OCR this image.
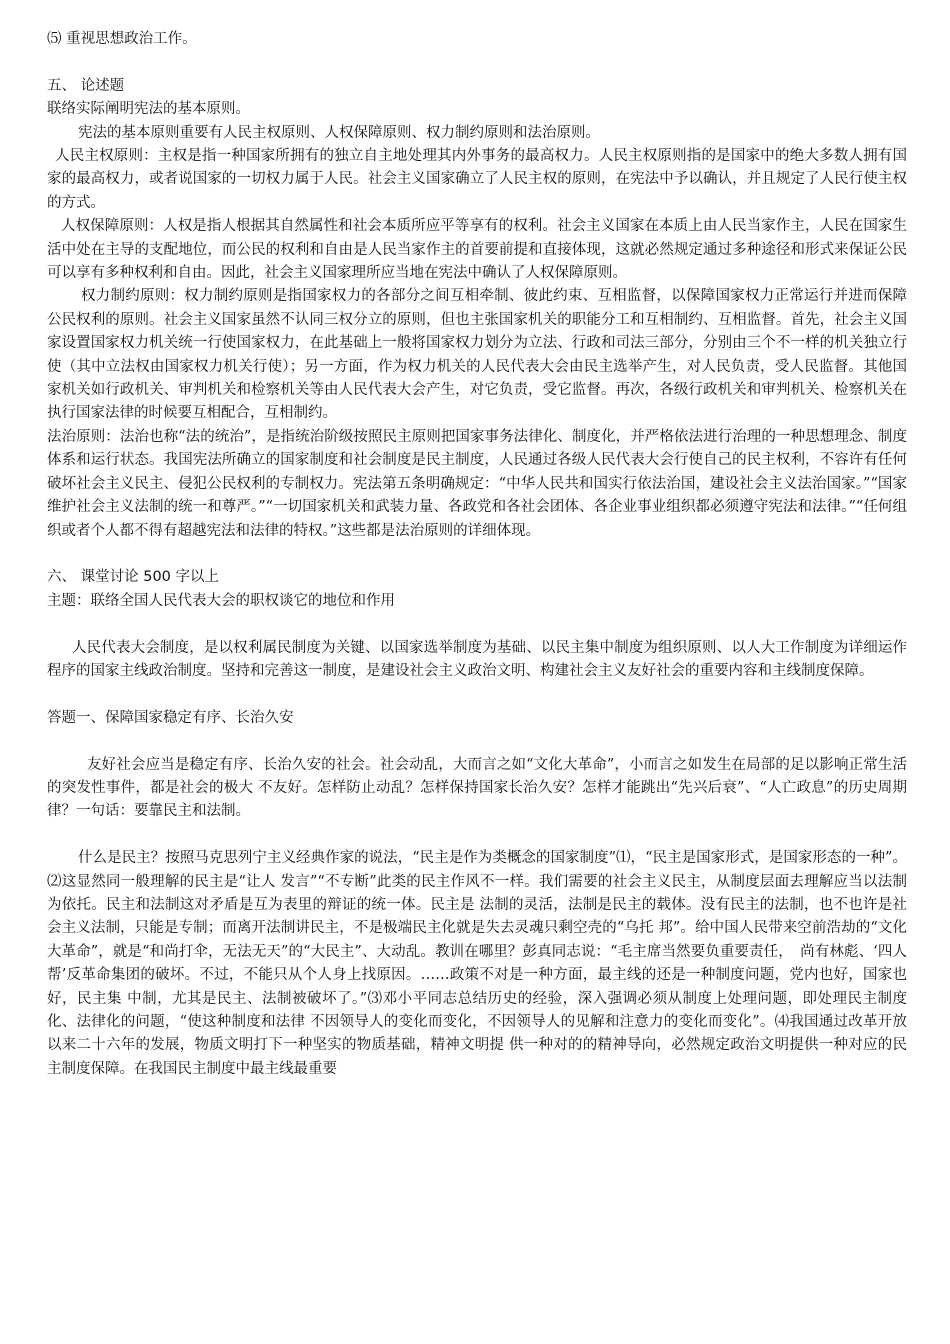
⑸ 重视思想政治工作。

五、 论述题

联络实际阐明宪法的基本原则。

宪法的基本原则重要有人民主权原则、人权保障原则、权力制约原则和法治原则。

人民主权原则：主权是指一种国家所拥有的独立自主地处理其内外事务的最高权力。人民主权原则指的是国家中的绝大多数人拥有国家的最高权力，或者说国家的一切权力属于人民。社会主义国家确立了人民主权的原则，在宪法中予以确认，并且规定了人民行使主权的方式。

人权保障原则：人权是指人根据其自然属性和社会本质所应平等享有的权利。社会主义国家在本质上由人民当家作主，人民在国家生活中处在主导的支配地位，而公民的权利和自由是人民当家作主的首要前提和直接体现，这就必然规定通过多种途径和形式来保证公民可以享有多种权利和自由。因此，社会主义国家理所应当地在宪法中确认了人权保障原则。

权力制约原则：权力制约原则是指国家权力的各部分之间互相牵制、彼此约束、互相监督，以保障国家权力正常运行并进而保障公民权利的原则。社会主义国家虽然不认同三权分立的原则，但也主张国家机关的职能分工和互相制约、互相监督。首先，社会主义国家设置国家权力机关统一行使国家权力，在此基础上一般将国家权力划分为立法、行政和司法三部分，分别由三个不一样的机关独立行使（其中立法权由国家权力机关行使）；另一方面，作为权力机关的人民代表大会由民主选举产生，对人民负责，受人民监督。其他国家机关如行政机关、审判机关和检察机关等由人民代表大会产生，对它负责，受它监督。再次，各级行政机关和审判机关、检察机关在执行国家法律的时候要互相配合，互相制约。

法治原则：法治也称“法的统治”，是指统治阶级按照民主原则把国家事务法律化、制度化，并严格依法进行治理的一种思想理念、制度体系和运行状态。我国宪法所确立的国家制度和社会制度是民主制度，人民通过各级人民代表大会行使自己的民主权利，不容许有任何破坏社会主义民主、侵犯公民权利的专制权力。宪法第五条明确规定：“中华人民共和国实行依法治国，建设社会主义法治国家。”“国家维护社会主义法制的统一和尊严。”“一切国家机关和武装力量、各政党和各社会团体、各企业事业组织都必须遵守宪法和法律。”“任何组织或者个人都不得有超越宪法和法律的特权。”这些都是法治原则的详细体现。

六、 课堂讨论 500 字以上

主题：联络全国人民代表大会的职权谈它的地位和作用

人民代表大会制度，是以权利属民制度为关键、以国家选举制度为基础、以民主集中制度为组织原则、以人大工作制度为详细运作程序的国家主线政治制度。坚持和完善这一制度，是建设社会主义政治文明、构建社会主义友好社会的重要内容和主线制度保障。

答题一、保障国家稳定有序、长治久安

友好社会应当是稳定有序、长治久安的社会。社会动乱，大而言之如“文化大革命”，小而言之如发生在局部的足以影响正常生活的突发性事件，都是社会的极大 不友好。怎样防止动乱？怎样保持国家长治久安？怎样才能跳出“先兴后衰”、“人亡政息”的历史周期律？一句话：要靠民主和法制。

什么是民主？按照马克思列宁主义经典作家的说法，“民主是作为类概念的国家制度”⑴，“民主是国家形式，是国家形态的一种”。⑵这显然同一般理解的民主是“让人 发言”“不专断”此类的民主作风不一样。我们需要的社会主义民主，从制度层面去理解应当以法制为依托。民主和法制这对矛盾是互为表里的辩证的统一体。民主是 法制的灵活，法制是民主的载体。没有民主的法制，也不也许是社会主义法制，只能是专制；而离开法制讲民主，不是极端民主化就是失去灵魂只剩空壳的“乌托 邦”。给中国人民带来空前浩劫的“文化大革命”，就是“和尚打伞，无法无天”的“大民主”、大动乱。教训在哪里？彭真同志说：“毛主席当然要负重要责任，　尚有林彪、‘四人帮’反革命集团的破坏。不过，不能只从个人身上找原因。……政策不对是一种方面，最主线的还是一种制度问题，党内也好，国家也好，民主集 中制，尤其是民主、法制被破坏了。”⑶邓小平同志总结历史的经验，深入强调必须从制度上处理问题，即处理民主制度化、法律化的问题，“使这种制度和法律 不因领导人的变化而变化，不因领导人的见解和注意力的变化而变化”。⑷我国通过改革开放以来二十六年的发展，物质文明打下一种坚实的物质基础，精神文明提 供一种对的的精神导向，必然规定政治文明提供一种对应的民主制度保障。在我国民主制度中最主线最重要
